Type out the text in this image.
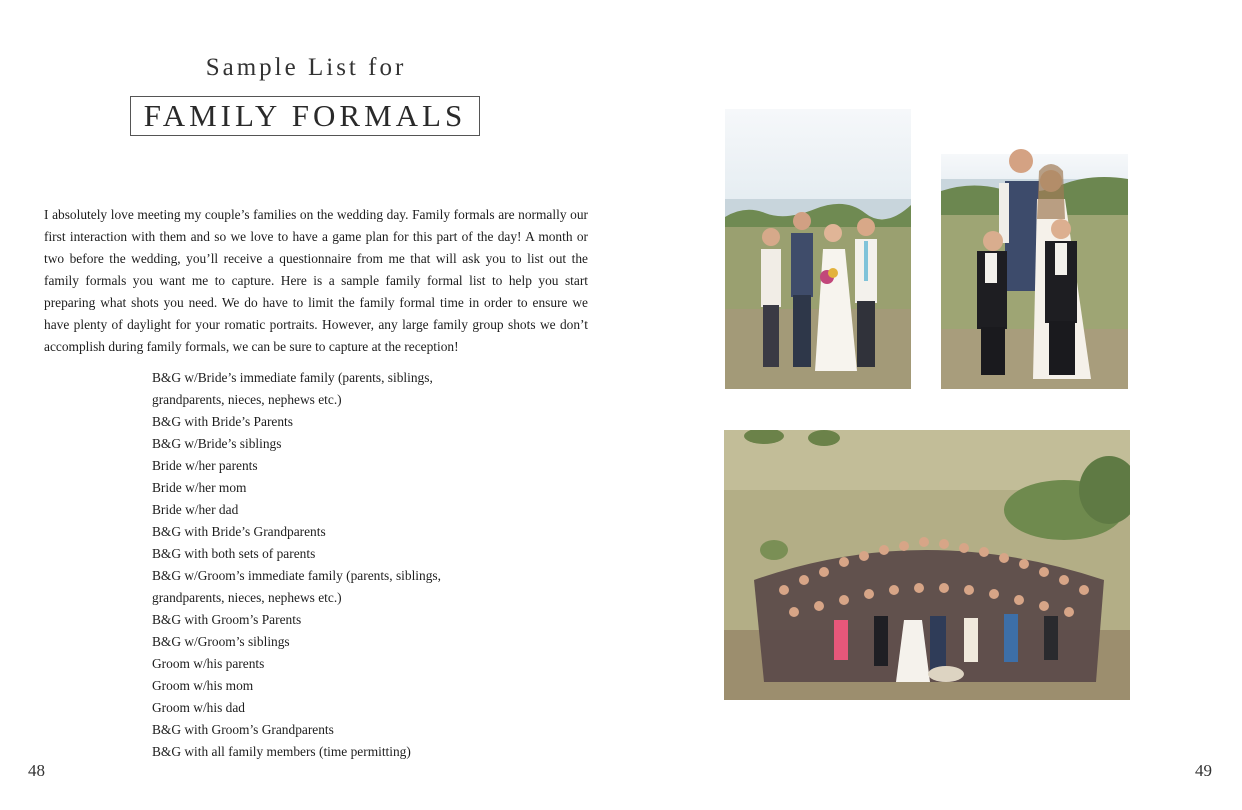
Sample List for
FAMILY FORMALS

I absolutely love meeting my couple’s families on the wedding day. Family formals are normally our first interaction with them and so we love to have a game plan for this part of the day! A month or two before the wedding, you’ll receive a questionnaire from me that will ask you to list out the family formals you want me to capture. Here is a sample family formal list to help you start preparing what shots you need. We do have to limit the family formal time in order to ensure we have plenty of daylight for your romatic portraits. However, any large family group shots we don’t accomplish during family formals, we can be sure to capture at the reception!

B&G w/Bride’s immediate family (parents, siblings,
grandparents, nieces, nephews etc.)
B&G with Bride’s Parents
B&G w/Bride’s siblings
Bride w/her parents
Bride w/her mom
Bride w/her dad
B&G with Bride’s Grandparents
B&G with both sets of parents
B&G w/Groom’s immediate family (parents, siblings,
grandparents, nieces, nephews etc.)
B&G with Groom’s Parents
B&G w/Groom’s siblings
Groom w/his parents
Groom w/his mom
Groom w/his dad
B&G with Groom’s Grandparents
B&G with all family members (time permitting)
48	49
